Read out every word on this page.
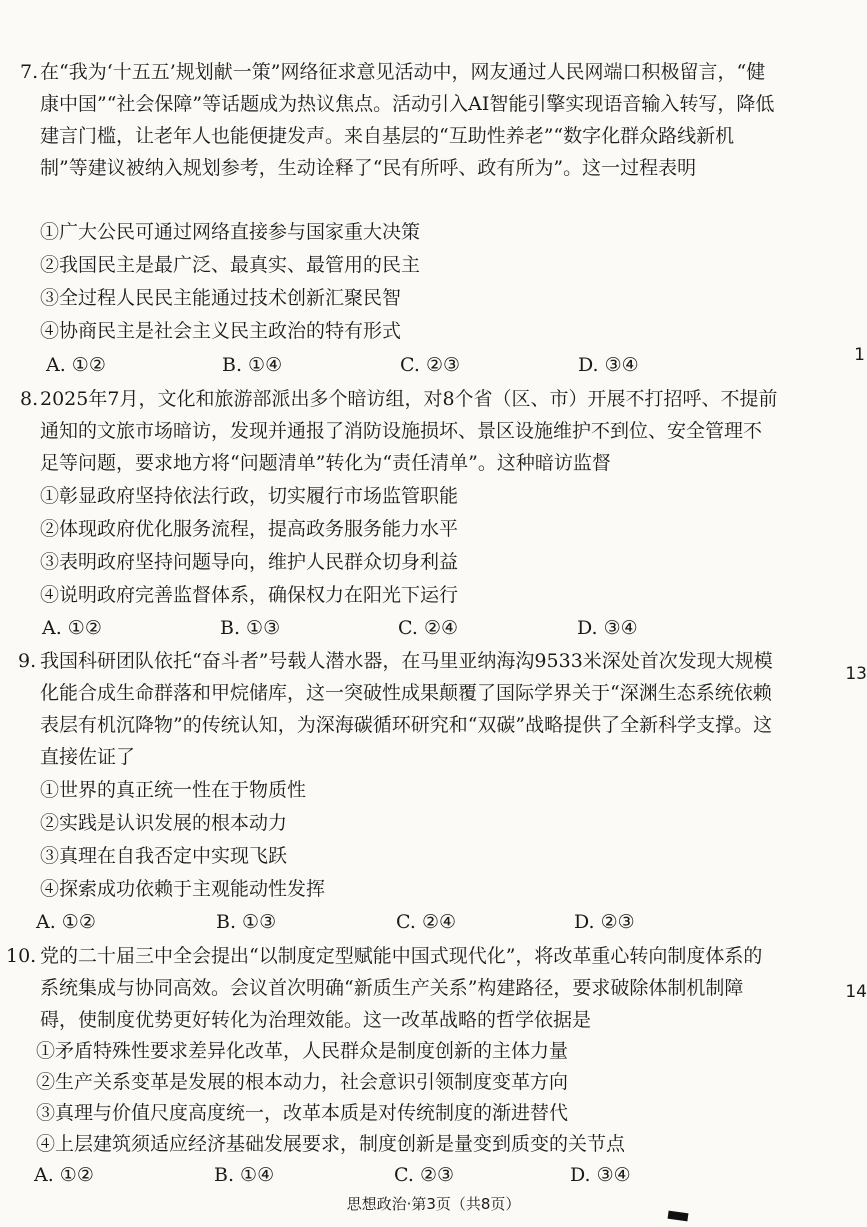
7. 在“我为‘十五五’规划献一策”网络征求意见活动中，网友通过人民网端口积极留言，“健康中国”“社会保障”等话题成为热议焦点。活动引入AI智能引擎实现语音输入转写，降低建言门槛，让老年人也能便捷发声。来自基层的“互助性养老”“数字化群众路线新机制”等建议被纳入规划参考，生动诠释了“民有所呼、政有所为”。这一过程表明

①广大公民可通过网络直接参与国家重大决策
②我国民主是最广泛、最真实、最管用的民主
③全过程人民民主能通过技术创新汇聚民智
④协商民主是社会主义民主政治的特有形式
A. ①②	B. ①④	C. ②③	D. ③④
8. 2025年7月，文化和旅游部派出多个暗访组，对8个省（区、市）开展不打招呼、不提前通知的文旅市场暗访，发现并通报了消防设施损坏、景区设施维护不到位、安全管理不足等问题，要求地方将“问题清单”转化为“责任清单”。这种暗访监督

①彰显政府坚持依法行政，切实履行市场监管职能
②体现政府优化服务流程，提高政务服务能力水平
③表明政府坚持问题导向，维护人民群众切身利益
④说明政府完善监督体系，确保权力在阳光下运行
A. ①②	B. ①③	C. ②④	D. ③④
9. 我国科研团队依托“奋斗者”号载人潜水器，在马里亚纳海沟9533米深处首次发现大规模化能合成生命群落和甲烷储库，这一突破性成果颠覆了国际学界关于“深渊生态系统依赖表层有机沉降物”的传统认知，为深海碳循环研究和“双碳”战略提供了全新科学支撑。这直接佐证了

①世界的真正统一性在于物质性
②实践是认识发展的根本动力
③真理在自我否定中实现飞跃
④探索成功依赖于主观能动性发挥
A. ①②	B. ①③	C. ②④	D. ②③
10. 党的二十届三中全会提出“以制度定型赋能中国式现代化”，将改革重心转向制度体系的系统集成与协同高效。会议首次明确“新质生产关系”构建路径，要求破除体制机制障碍，使制度优势更好转化为治理效能。这一改革战略的哲学依据是

①矛盾特殊性要求差异化改革，人民群众是制度创新的主体力量
②生产关系变革是发展的根本动力，社会意识引领制度变革方向
③真理与价值尺度高度统一，改革本质是对传统制度的渐进替代
④上层建筑须适应经济基础发展要求，制度创新是量变到质变的关节点
A. ①②	B. ①④	C. ②③	D. ③④
1
13
14
思想政治·第3页（共8页）
